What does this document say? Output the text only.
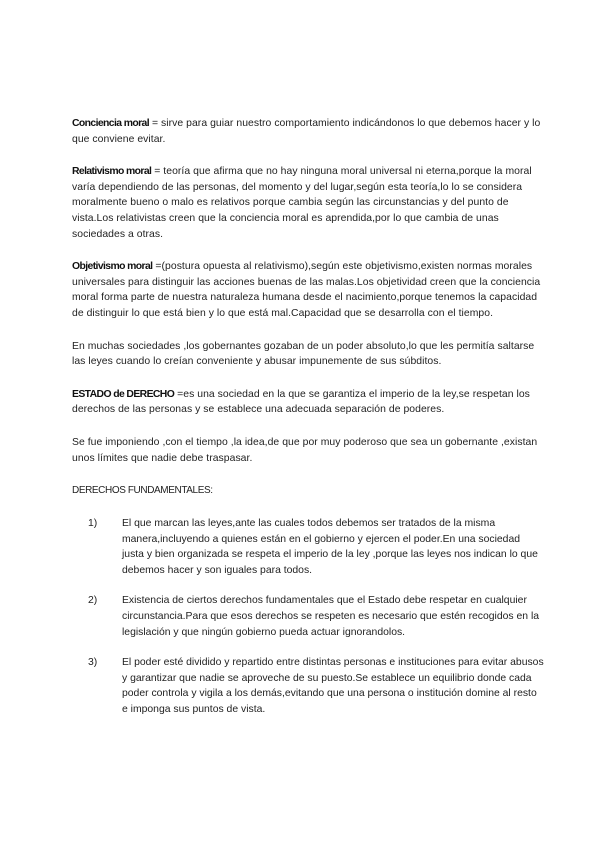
Conciencia moral = sirve para guiar nuestro comportamiento indicándonos lo que debemos hacer y lo que conviene evitar.

Relativismo moral = teoría que afirma que no hay ninguna moral universal ni eterna,porque la moral varía dependiendo de las personas, del momento y del lugar,según esta teoría,lo lo se considera moralmente bueno o malo es relativos porque cambia según las circunstancias y del punto de vista.Los relativistas creen que la conciencia moral es aprendida,por lo que cambia de unas sociedades a otras.

Objetivismo moral =(postura opuesta al relativismo),según este objetivismo,existen normas morales universales para distinguir las acciones buenas de las malas.Los objetividad creen que la conciencia moral forma parte de nuestra naturaleza humana desde el nacimiento,porque tenemos la capacidad de distinguir lo que está bien y lo que está mal.Capacidad que se desarrolla con el tiempo.

En muchas sociedades ,los gobernantes gozaban de un poder absoluto,lo que les permitía saltarse las leyes cuando lo creían conveniente y abusar impunemente de sus súbditos.

ESTADO de DERECHO =es una sociedad en la que se garantiza el imperio de la ley,se respetan los derechos de las personas y se establece una adecuada separación de poderes.

Se fue imponiendo ,con el tiempo ,la idea,de que por muy poderoso que sea un gobernante ,existan unos límites que nadie debe traspasar.

DERECHOS FUNDAMENTALES:
1) El que marcan las leyes,ante las cuales todos debemos ser tratados de la misma manera,incluyendo a quienes están en el gobierno y ejercen el poder.En una sociedad justa y bien organizada se respeta el imperio de la ley ,porque las leyes nos indican lo que debemos hacer y son iguales para todos.
2) Existencia de ciertos derechos fundamentales que el Estado debe respetar en cualquier circunstancia.Para que esos derechos se respeten es necesario que estén recogidos en la legislación y que ningún gobierno pueda actuar ignorandolos.
3) El poder esté dividido y repartido entre distintas personas e instituciones para evitar abusos y garantizar que nadie se aproveche de su puesto.Se establece un equilibrio donde cada poder controla y vigila a los demás,evitando que una persona o institución domine al resto e imponga sus puntos de vista.
